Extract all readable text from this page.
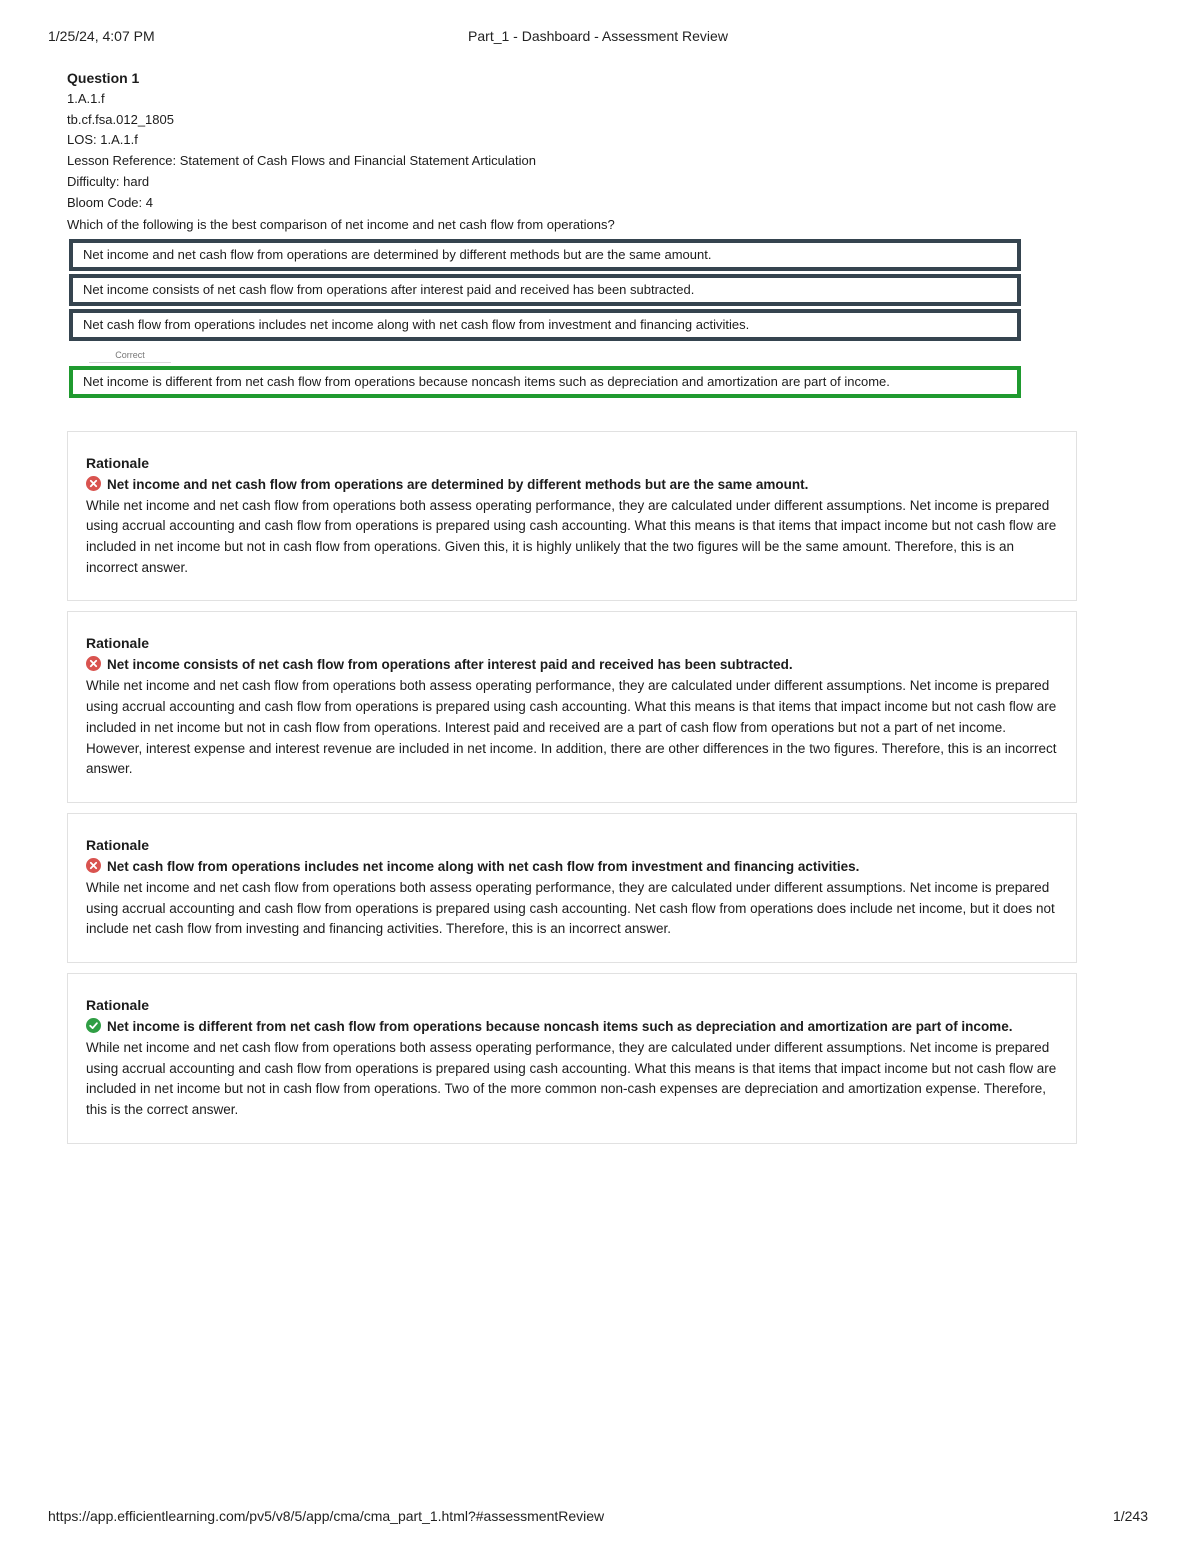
1/25/24, 4:07 PM	Part_1 - Dashboard - Assessment Review
Question 1
1.A.1.f
tb.cf.fsa.012_1805
LOS: 1.A.1.f
Lesson Reference: Statement of Cash Flows and Financial Statement Articulation
Difficulty: hard
Bloom Code: 4
Which of the following is the best comparison of net income and net cash flow from operations?
Net income and net cash flow from operations are determined by different methods but are the same amount.
Net income consists of net cash flow from operations after interest paid and received has been subtracted.
Net cash flow from operations includes net income along with net cash flow from investment and financing activities.
Correct
Net income is different from net cash flow from operations because noncash items such as depreciation and amortization are part of income.
Rationale
Net income and net cash flow from operations are determined by different methods but are the same amount.
While net income and net cash flow from operations both assess operating performance, they are calculated under different assumptions. Net income is prepared using accrual accounting and cash flow from operations is prepared using cash accounting. What this means is that items that impact income but not cash flow are included in net income but not in cash flow from operations. Given this, it is highly unlikely that the two figures will be the same amount. Therefore, this is an incorrect answer.
Rationale
Net income consists of net cash flow from operations after interest paid and received has been subtracted.
While net income and net cash flow from operations both assess operating performance, they are calculated under different assumptions. Net income is prepared using accrual accounting and cash flow from operations is prepared using cash accounting. What this means is that items that impact income but not cash flow are included in net income but not in cash flow from operations. Interest paid and received are a part of cash flow from operations but not a part of net income. However, interest expense and interest revenue are included in net income. In addition, there are other differences in the two figures. Therefore, this is an incorrect answer.
Rationale
Net cash flow from operations includes net income along with net cash flow from investment and financing activities.
While net income and net cash flow from operations both assess operating performance, they are calculated under different assumptions. Net income is prepared using accrual accounting and cash flow from operations is prepared using cash accounting. Net cash flow from operations does include net income, but it does not include net cash flow from investing and financing activities. Therefore, this is an incorrect answer.
Rationale
Net income is different from net cash flow from operations because noncash items such as depreciation and amortization are part of income.
While net income and net cash flow from operations both assess operating performance, they are calculated under different assumptions. Net income is prepared using accrual accounting and cash flow from operations is prepared using cash accounting. What this means is that items that impact income but not cash flow are included in net income but not in cash flow from operations. Two of the more common non-cash expenses are depreciation and amortization expense. Therefore, this is the correct answer.
https://app.efficientlearning.com/pv5/v8/5/app/cma/cma_part_1.html?#assessmentReview	1/243
